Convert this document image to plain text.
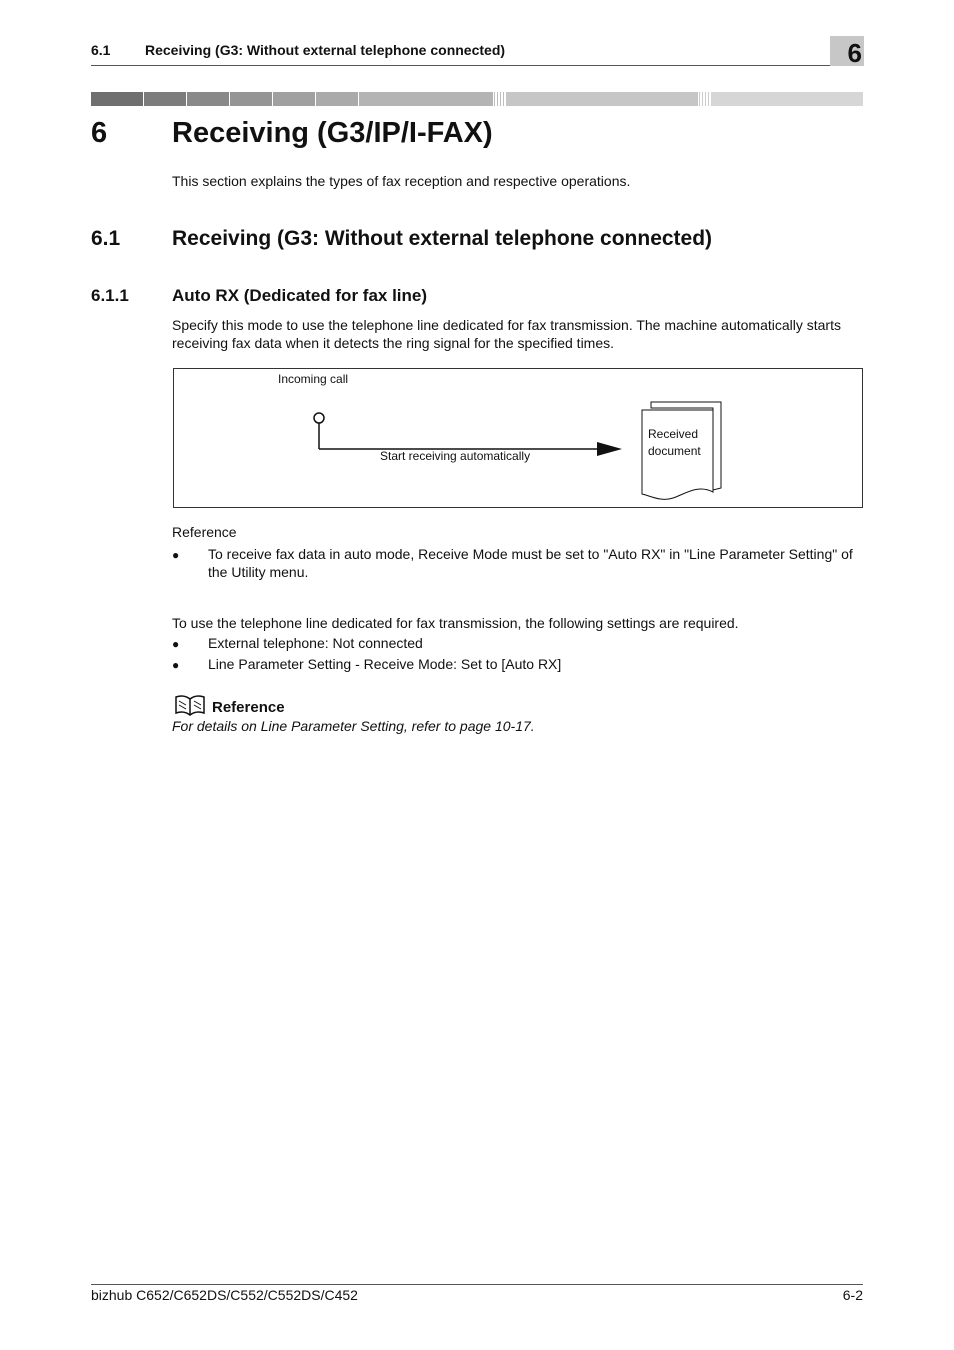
6.1 Receiving (G3: Without external telephone connected)	6
6 Receiving (G3/IP/I-FAX)
This section explains the types of fax reception and respective operations.
6.1 Receiving (G3: Without external telephone connected)
6.1.1	Auto RX (Dedicated for fax line)
Specify this mode to use the telephone line dedicated for fax transmission. The machine automatically starts receiving fax data when it detects the ring signal for the specified times.
Incoming call
Start receiving automatically
Received document
Reference
● To receive fax data in auto mode, Receive Mode must be set to "Auto RX" in "Line Parameter Setting" of the Utility menu.
To use the telephone line dedicated for fax transmission, the following settings are required.
● External telephone: Not connected
● Line Parameter Setting - Receive Mode: Set to [Auto RX]
Reference
For details on Line Parameter Setting, refer to page 10-17.
bizhub C652/C652DS/C552/C552DS/C452	6-2
